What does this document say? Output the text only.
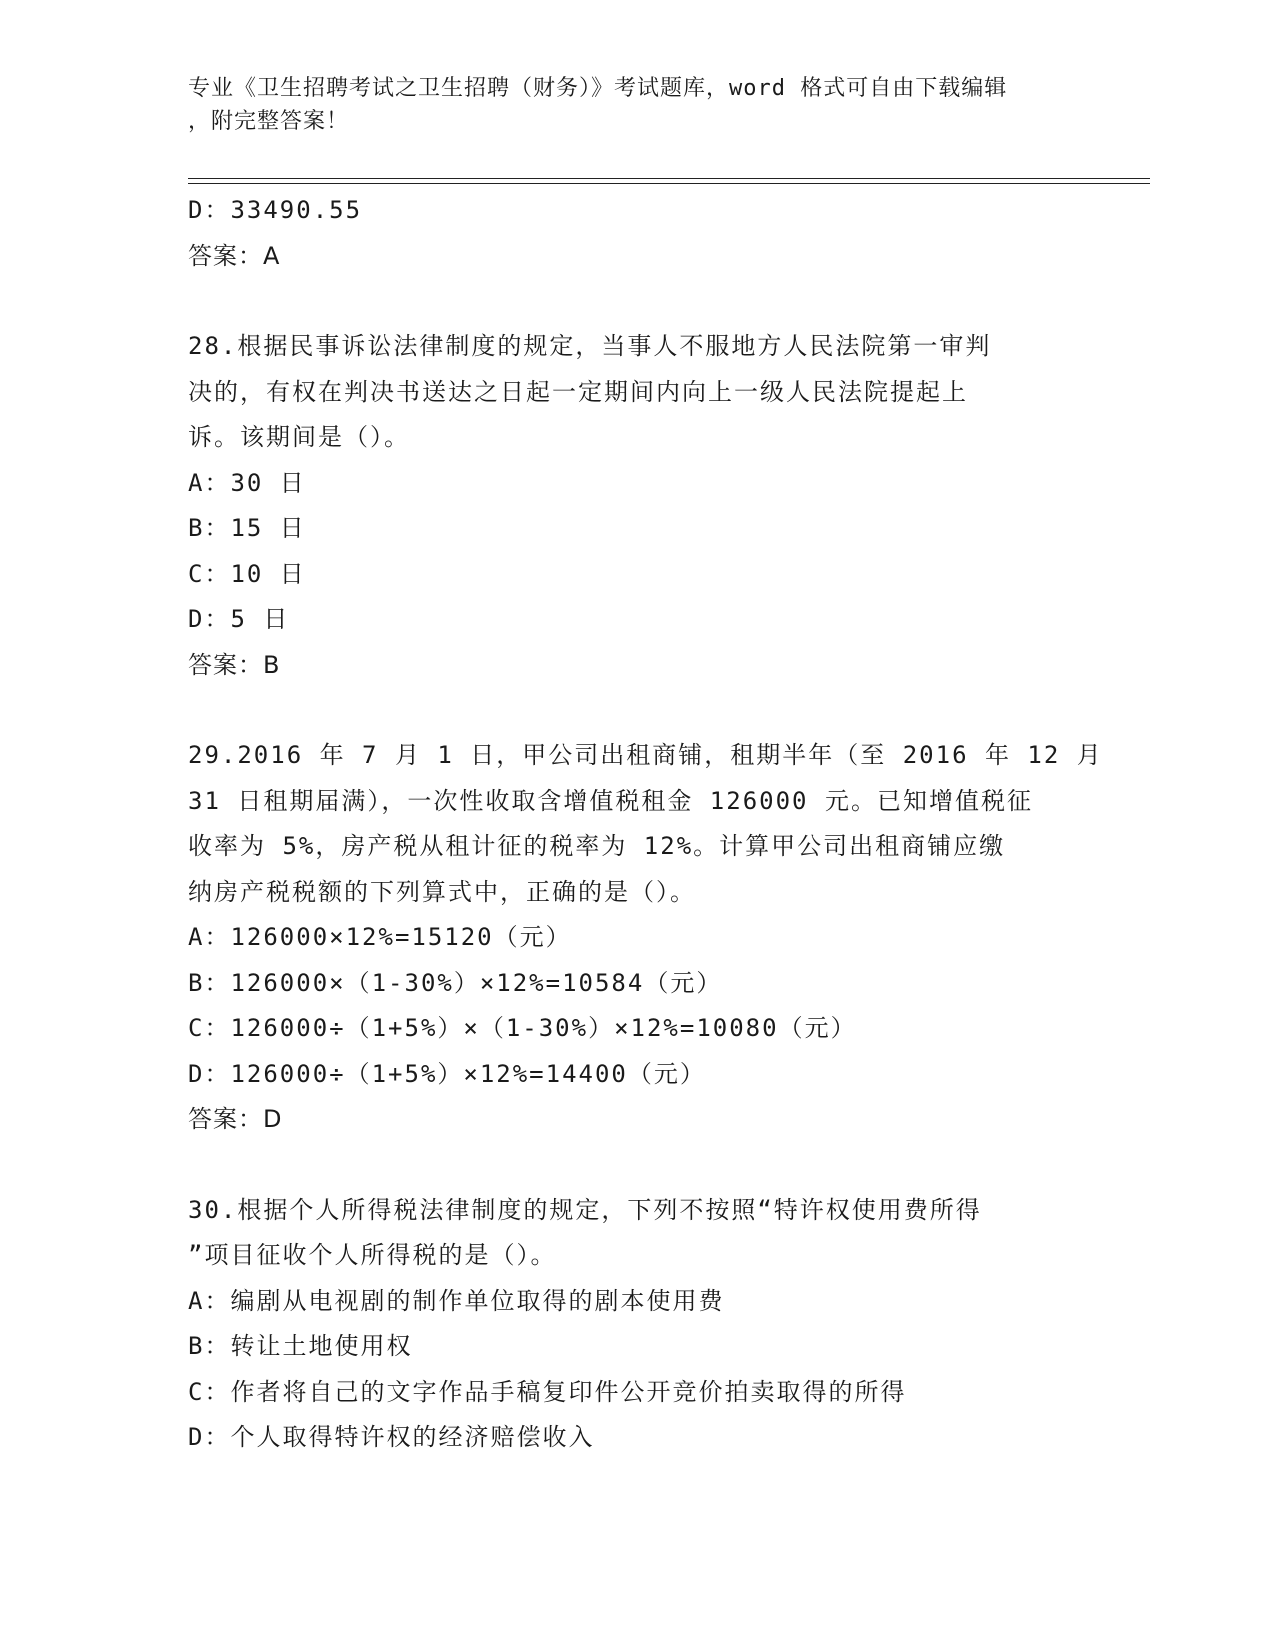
专业《卫生招聘考试之卫生招聘（财务）》考试题库，word 格式可自由下载编辑
，附完整答案！
D：33490.55
答案：A
28.根据民事诉讼法律制度的规定，当事人不服地方人民法院第一审判
决的，有权在判决书送达之日起一定期间内向上一级人民法院提起上
诉。该期间是（）。
A：30 日
B：15 日
C：10 日
D：5 日
答案：B
29.2016 年 7 月 1 日，甲公司出租商铺，租期半年（至 2016 年 12 月
31 日租期届满），一次性收取含增值税租金 126000 元。已知增值税征
收率为 5%，房产税从租计征的税率为 12%。计算甲公司出租商铺应缴
纳房产税税额的下列算式中，正确的是（）。
A：126000×12%=15120（元）
B：126000×（1-30%）×12%=10584（元）
C：126000÷（1+5%）×（1-30%）×12%=10080（元）
D：126000÷（1+5%）×12%=14400（元）
答案：D
30.根据个人所得税法律制度的规定，下列不按照“特许权使用费所得
”项目征收个人所得税的是（）。
A：编剧从电视剧的制作单位取得的剧本使用费
B：转让土地使用权
C：作者将自己的文字作品手稿复印件公开竞价拍卖取得的所得
D：个人取得特许权的经济赔偿收入
